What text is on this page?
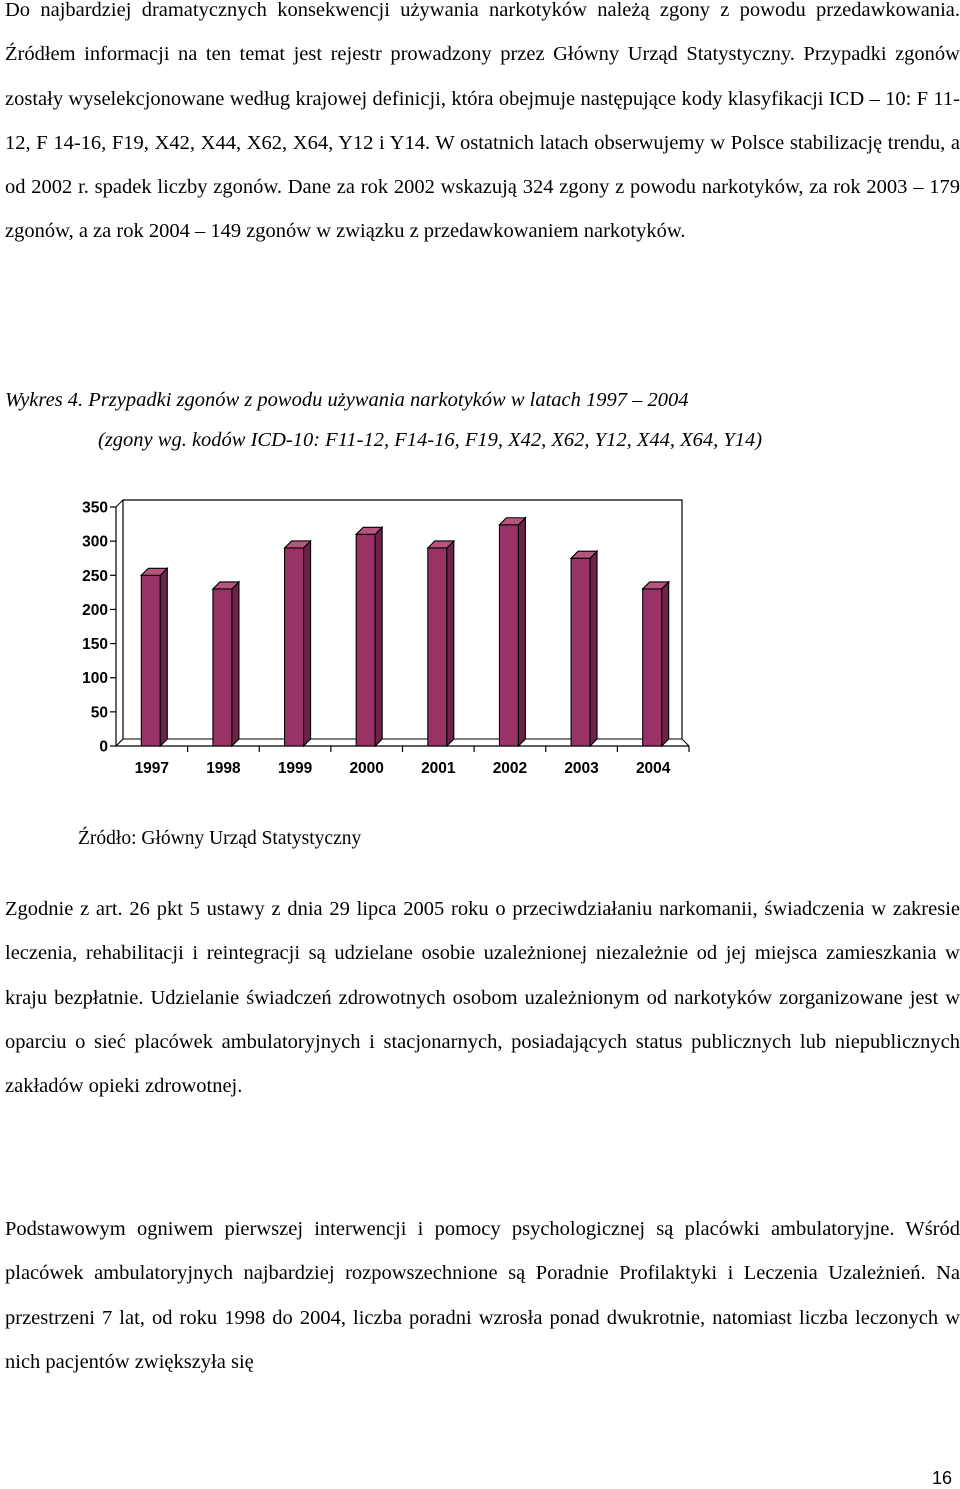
Do najbardziej dramatycznych konsekwencji używania narkotyków należą zgony z powodu przedawkowania. Źródłem informacji na ten temat jest rejestr prowadzony przez Główny Urząd Statystyczny. Przypadki zgonów zostały wyselekcjonowane według krajowej definicji, która obejmuje następujące kody klasyfikacji ICD – 10: F 11-12, F 14-16, F19, X42, X44, X62, X64, Y12 i Y14. W ostatnich latach obserwujemy w Polsce stabilizację trendu, a od 2002 r. spadek liczby zgonów. Dane za rok 2002 wskazują 324 zgony z powodu narkotyków, za rok 2003 – 179 zgonów, a za rok 2004 – 149 zgonów w związku z przedawkowaniem narkotyków.

Wykres 4. Przypadki zgonów z powodu używania narkotyków w latach 1997 – 2004
(zgony wg. kodów ICD-10: F11-12, F14-16, F19, X42, X62, Y12, X44, X64, Y14)
0
50
100
150
200
250
300
350
1997 1998 1999 2000 2001 2002 2003 2004
Źródło: Główny Urząd Statystyczny

Zgodnie z art. 26 pkt 5 ustawy z dnia 29 lipca 2005 roku o przeciwdziałaniu narkomanii, świadczenia w zakresie leczenia, rehabilitacji i reintegracji są udzielane osobie uzależnionej niezależnie od jej miejsca zamieszkania w kraju bezpłatnie. Udzielanie świadczeń zdrowotnych osobom uzależnionym od narkotyków zorganizowane jest w oparciu o sieć placówek ambulatoryjnych i stacjonarnych, posiadających status publicznych lub niepublicznych zakładów opieki zdrowotnej.

Podstawowym ogniwem pierwszej interwencji i pomocy psychologicznej są placówki ambulatoryjne. Wśród placówek ambulatoryjnych najbardziej rozpowszechnione są Poradnie Profilaktyki i Leczenia Uzależnień. Na przestrzeni 7 lat, od roku 1998 do 2004, liczba poradni wzrosła ponad dwukrotnie, natomiast liczba leczonych w nich pacjentów zwiększyła się

16
